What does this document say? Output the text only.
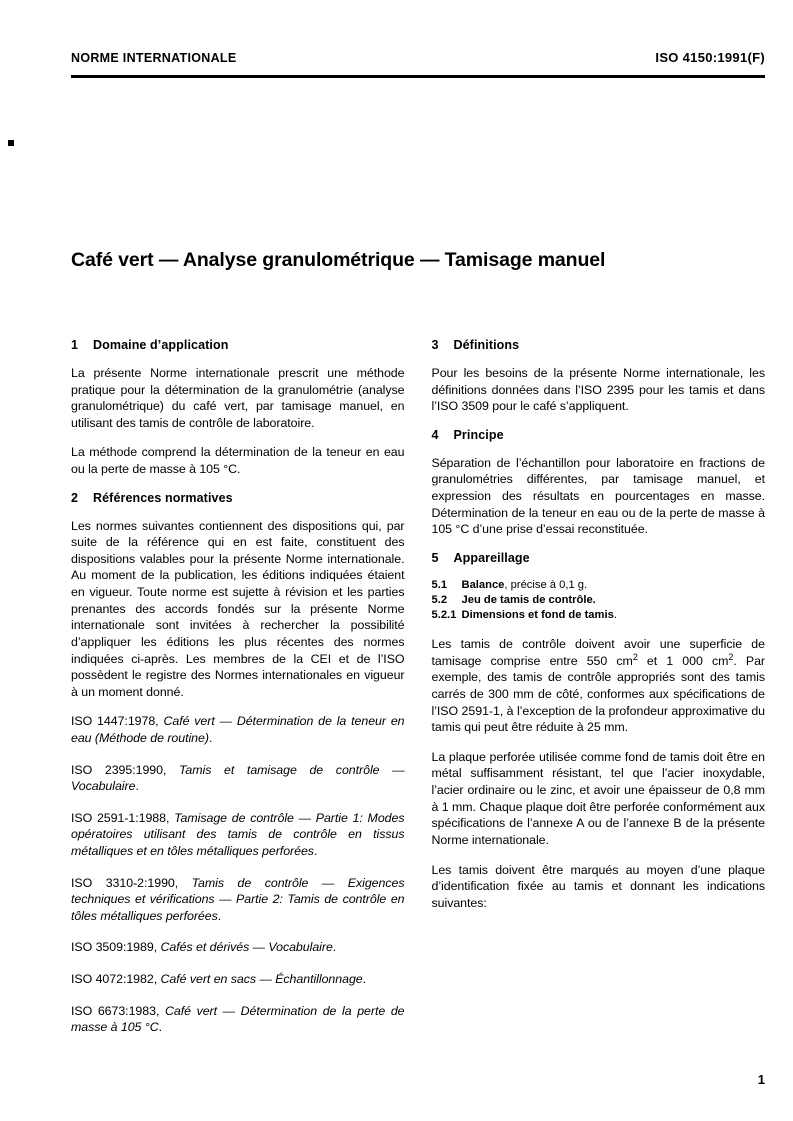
NORME INTERNATIONALE	ISO 4150:1991(F)
Café vert — Analyse granulométrique — Tamisage manuel
1 Domaine d’application

La présente Norme internationale prescrit une méthode pratique pour la détermination de la granulométrie (analyse granulométrique) du café vert, par tamisage manuel, en utilisant des tamis de contrôle de laboratoire.

La méthode comprend la détermination de la teneur en eau ou la perte de masse à 105 °C.

2 Références normatives

Les normes suivantes contiennent des dispositions qui, par suite de la référence qui en est faite, constituent des dispositions valables pour la présente Norme internationale. Au moment de la publication, les éditions indiquées étaient en vigueur. Toute norme est sujette à révision et les parties prenantes des accords fondés sur la présente Norme internationale sont invitées à rechercher la possibilité d’appliquer les éditions les plus récentes des normes indiquées ci-après. Les membres de la CEI et de l’ISO possèdent le registre des Normes internationales en vigueur à un moment donné.

ISO 1447:1978, Café vert — Détermination de la teneur en eau (Méthode de routine).

ISO 2395:1990, Tamis et tamisage de contrôle — Vocabulaire.

ISO 2591-1:1988, Tamisage de contrôle — Partie 1: Modes opératoires utilisant des tamis de contrôle en tissus métalliques et en tôles métalliques perforées.

ISO 3310-2:1990, Tamis de contrôle — Exigences techniques et vérifications — Partie 2: Tamis de contrôle en tôles métalliques perforées.

ISO 3509:1989, Cafés et dérivés — Vocabulaire.

ISO 4072:1982, Café vert en sacs — Échantillonnage.

ISO 6673:1983, Café vert — Détermination de la perte de masse à 105 °C.

3 Définitions

Pour les besoins de la présente Norme internationale, les définitions données dans l’ISO 2395 pour les tamis et dans l’ISO 3509 pour le café s’appliquent.

4 Principe

Séparation de l’échantillon pour laboratoire en fractions de granulométries différentes, par tamisage manuel, et expression des résultats en pourcentages en masse. Détermination de la teneur en eau ou de la perte de masse à 105 °C d’une prise d’essai reconstituée.

5 Appareillage
5.1 Balance, précise à 0,1 g.
5.2 Jeu de tamis de contrôle.
5.2.1 Dimensions et fond de tamis.

Les tamis de contrôle doivent avoir une superficie de tamisage comprise entre 550 $cm^2$ et 1 000 $cm^2$. Par exemple, des tamis de contrôle appropriés sont des tamis carrés de 300 mm de côté, conformes aux spécifications de l’ISO 2591-1, à l’exception de la profondeur approximative du tamis qui peut être réduite à 25 mm.

La plaque perforée utilisée comme fond de tamis doit être en métal suffisamment résistant, tel que l’acier inoxydable, l’acier ordinaire ou le zinc, et avoir une épaisseur de 0,8 mm à 1 mm. Chaque plaque doit être perforée conformément aux spécifications de l’annexe A ou de l’annexe B de la présente Norme internationale.

Les tamis doivent être marqués au moyen d’une plaque d’identification fixée au tamis et donnant les indications suivantes:

1
